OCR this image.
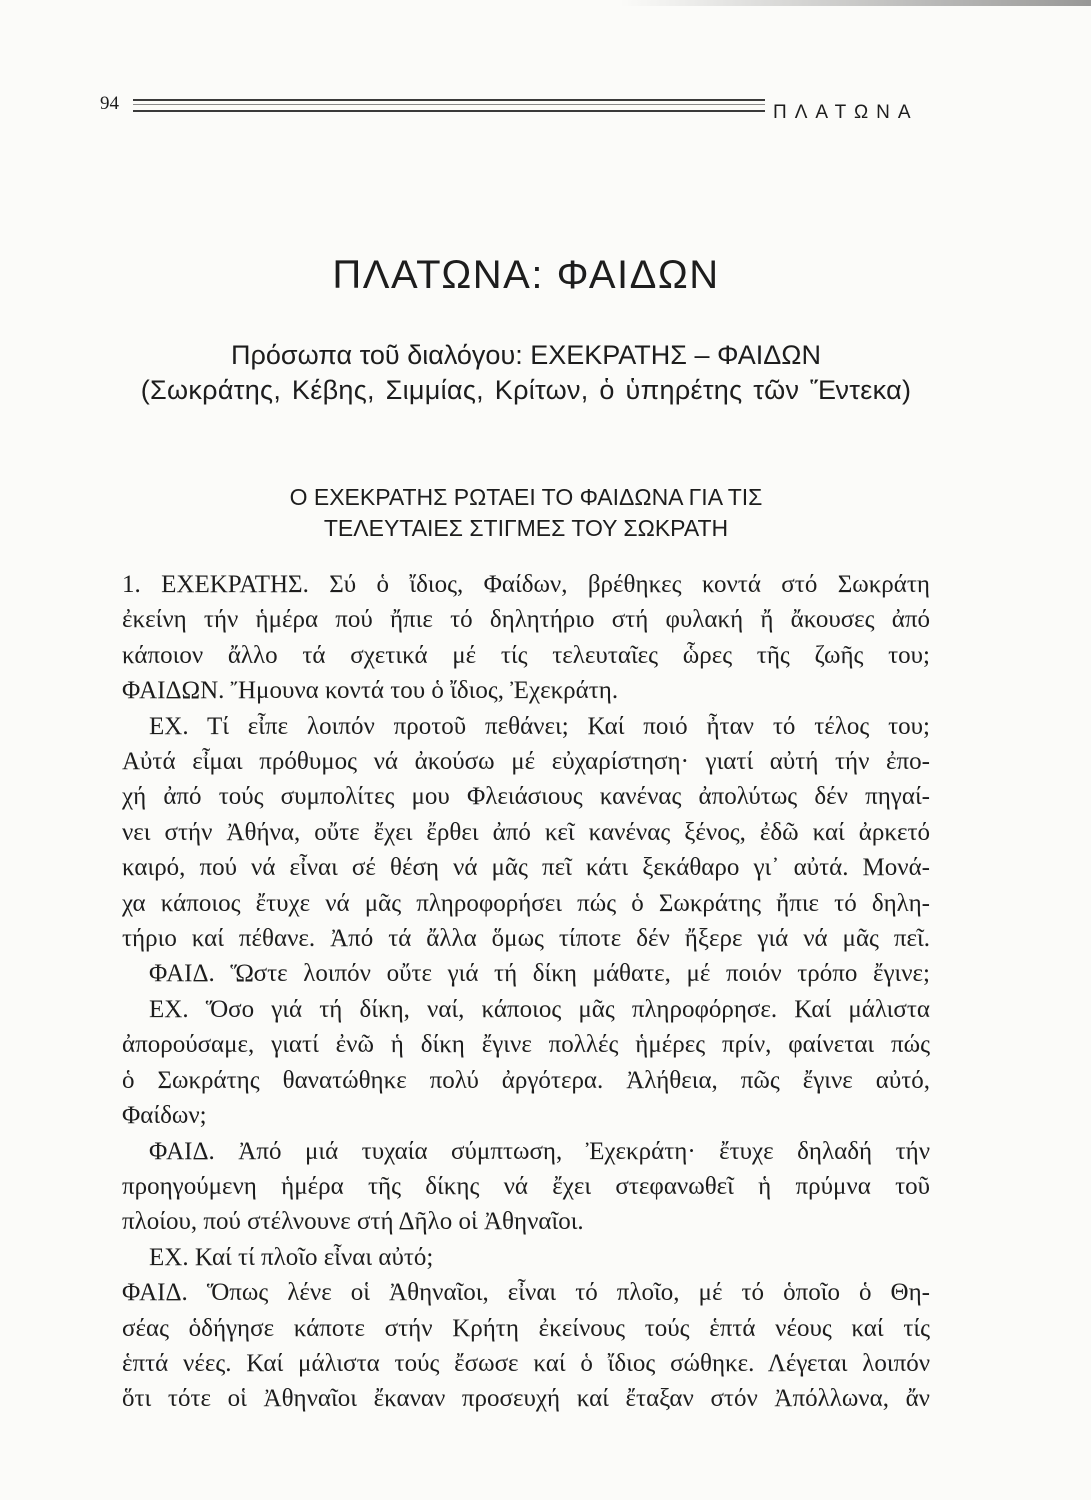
94	ΠΛΑΤΩΝΑ
ΠΛΑΤΩΝΑ: ΦΑΙΔΩΝ
Πρόσωπα τοῦ διαλόγου: ΕΧΕΚΡΑΤΗΣ – ΦΑΙΔΩΝ
(Σωκράτης, Κέβης, Σιμμίας, Κρίτων, ὁ ὑπηρέτης τῶν Ἕντεκα)
Ο ΕΧΕΚΡΑΤΗΣ ΡΩΤΑΕΙ ΤΟ ΦΑΙΔΩΝΑ ΓΙΑ ΤΙΣ
ΤΕΛΕΥΤΑΙΕΣ ΣΤΙΓΜΕΣ ΤΟΥ ΣΩΚΡΑΤΗ
1. ΕΧΕΚΡΑΤΗΣ. Σύ ὁ ἴδιος, Φαίδων, βρέθηκες κοντά στό Σωκράτη
ἐκείνη τήν ἡμέρα πού ἤπιε τό δηλητήριο στή φυλακή ἤ ἄκουσες ἀπό
κάποιον ἄλλο τά σχετικά μέ τίς τελευταῖες ὧρες τῆς ζωῆς του;
ΦΑΙΔΩΝ. Ἤμουνα κοντά του ὁ ἴδιος, Ἐχεκράτη.
ΕΧ. Τί εἶπε λοιπόν προτοῦ πεθάνει; Καί ποιό ἦταν τό τέλος του;
Αὐτά εἶμαι πρόθυμος νά ἀκούσω μέ εὐχαρίστηση· γιατί αὐτή τήν ἐπο-
χή ἀπό τούς συμπολίτες μου Φλειάσιους κανένας ἀπολύτως δέν πηγαί-
νει στήν Ἀθήνα, οὔτε ἔχει ἔρθει ἀπό κεῖ κανένας ξένος, ἐδῶ καί ἀρκετό
καιρό, πού νά εἶναι σέ θέση νά μᾶς πεῖ κάτι ξεκάθαρο γι᾽ αὐτά. Μονά-
χα κάποιος ἔτυχε νά μᾶς πληροφορήσει πώς ὁ Σωκράτης ἤπιε τό δηλη-
τήριο καί πέθανε. Ἀπό τά ἄλλα ὅμως τίποτε δέν ἤξερε γιά νά μᾶς πεῖ.
ΦΑΙΔ. Ὥστε λοιπόν οὔτε γιά τή δίκη μάθατε, μέ ποιόν τρόπο ἔγινε;
ΕΧ. Ὅσο γιά τή δίκη, ναί, κάποιος μᾶς πληροφόρησε. Καί μάλιστα
ἀπορούσαμε, γιατί ἐνῶ ἡ δίκη ἔγινε πολλές ἡμέρες πρίν, φαίνεται πώς
ὁ Σωκράτης θανατώθηκε πολύ ἀργότερα. Ἀλήθεια, πῶς ἔγινε αὐτό,
Φαίδων;
ΦΑΙΔ. Ἀπό μιά τυχαία σύμπτωση, Ἐχεκράτη· ἔτυχε δηλαδή τήν
προηγούμενη ἡμέρα τῆς δίκης νά ἔχει στεφανωθεῖ ἡ πρύμνα τοῦ
πλοίου, πού στέλνουνε στή Δῆλο οἱ Ἀθηναῖοι.
ΕΧ. Καί τί πλοῖο εἶναι αὐτό;
ΦΑΙΔ. Ὅπως λένε οἱ Ἀθηναῖοι, εἶναι τό πλοῖο, μέ τό ὁποῖο ὁ Θη-
σέας ὁδήγησε κάποτε στήν Κρήτη ἐκείνους τούς ἑπτά νέους καί τίς
ἑπτά νέες. Καί μάλιστα τούς ἔσωσε καί ὁ ἴδιος σώθηκε. Λέγεται λοιπόν
ὅτι τότε οἱ Ἀθηναῖοι ἔκαναν προσευχή καί ἔταξαν στόν Ἀπόλλωνα, ἄν
